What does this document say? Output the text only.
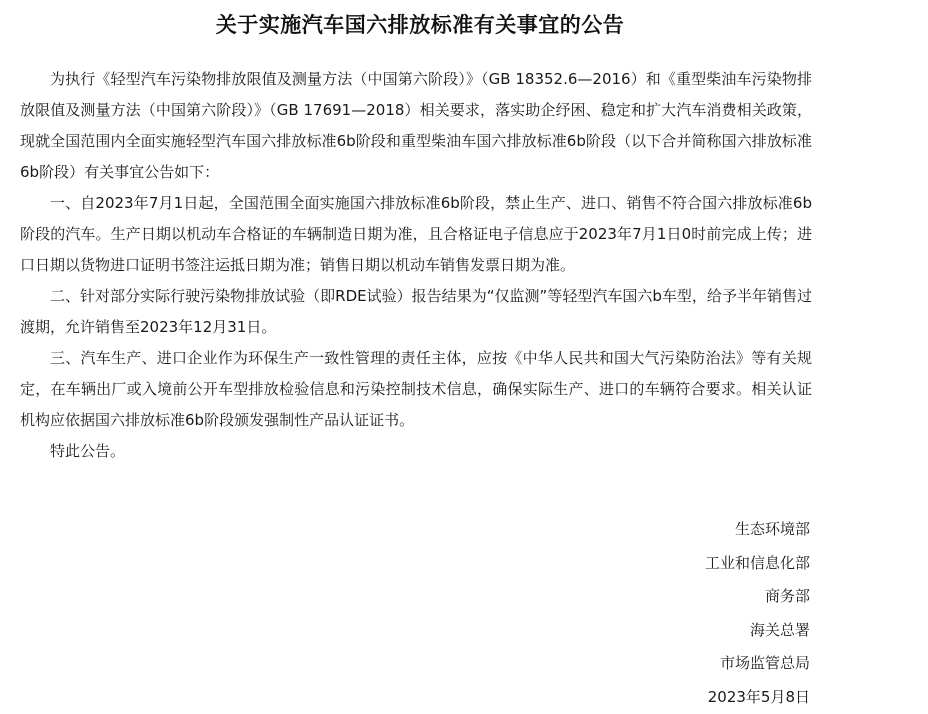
关于实施汽车国六排放标准有关事宜的公告

为执行《轻型汽车污染物排放限值及测量方法（中国第六阶段）》（GB 18352.6—2016）和《重型柴油车污染物排放限值及测量方法（中国第六阶段）》（GB 17691—2018）相关要求，落实助企纾困、稳定和扩大汽车消费相关政策，现就全国范围内全面实施轻型汽车国六排放标准6b阶段和重型柴油车国六排放标准6b阶段（以下合并简称国六排放标准6b阶段）有关事宜公告如下：

一、自2023年7月1日起，全国范围全面实施国六排放标准6b阶段，禁止生产、进口、销售不符合国六排放标准6b阶段的汽车。生产日期以机动车合格证的车辆制造日期为准，且合格证电子信息应于2023年7月1日0时前完成上传；进口日期以货物进口证明书签注运抵日期为准；销售日期以机动车销售发票日期为准。

二、针对部分实际行驶污染物排放试验（即RDE试验）报告结果为“仅监测”等轻型汽车国六b车型，给予半年销售过渡期，允许销售至2023年12月31日。

三、汽车生产、进口企业作为环保生产一致性管理的责任主体，应按《中华人民共和国大气污染防治法》等有关规定，在车辆出厂或入境前公开车型排放检验信息和污染控制技术信息，确保实际生产、进口的车辆符合要求。相关认证机构应依据国六排放标准6b阶段颁发强制性产品认证证书。

特此公告。

生态环境部
工业和信息化部
商务部
海关总署
市场监管总局
2023年5月8日
